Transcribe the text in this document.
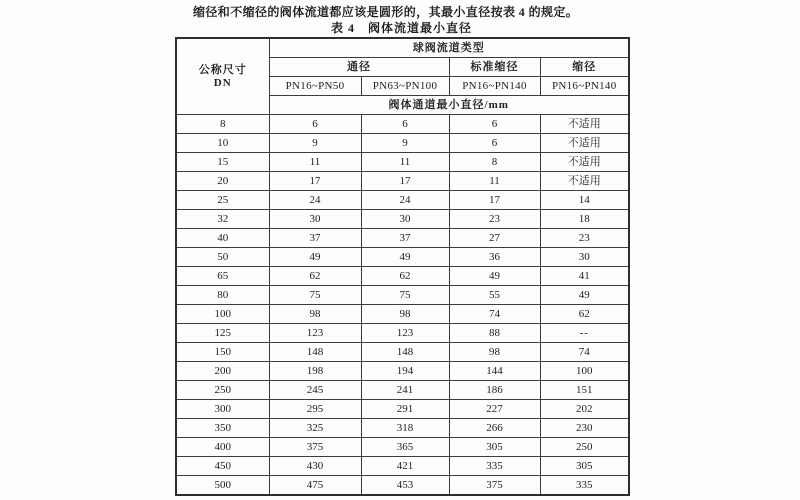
缩径和不缩径的阀体流道都应该是圆形的，其最小直径按表 4 的规定。
表 4　阀体流道最小直径
公称尺寸
DN	球阀流道类型			
	通径		标准缩径	缩径
	PN16~PN50	PN63~PN100	PN16~PN140	PN16~PN140
	阀体通道最小直径/mm			
8	6	6	6	不适用
10	9	9	6	不适用
15	11	11	8	不适用
20	17	17	11	不适用
25	24	24	17	14
32	30	30	23	18
40	37	37	27	23
50	49	49	36	30
65	62	62	49	41
80	75	75	55	49
100	98	98	74	62
125	123	123	88	--
150	148	148	98	74
200	198	194	144	100
250	245	241	186	151
300	295	291	227	202
350	325	318	266	230
400	375	365	305	250
450	430	421	335	305
500	475	453	375	335
